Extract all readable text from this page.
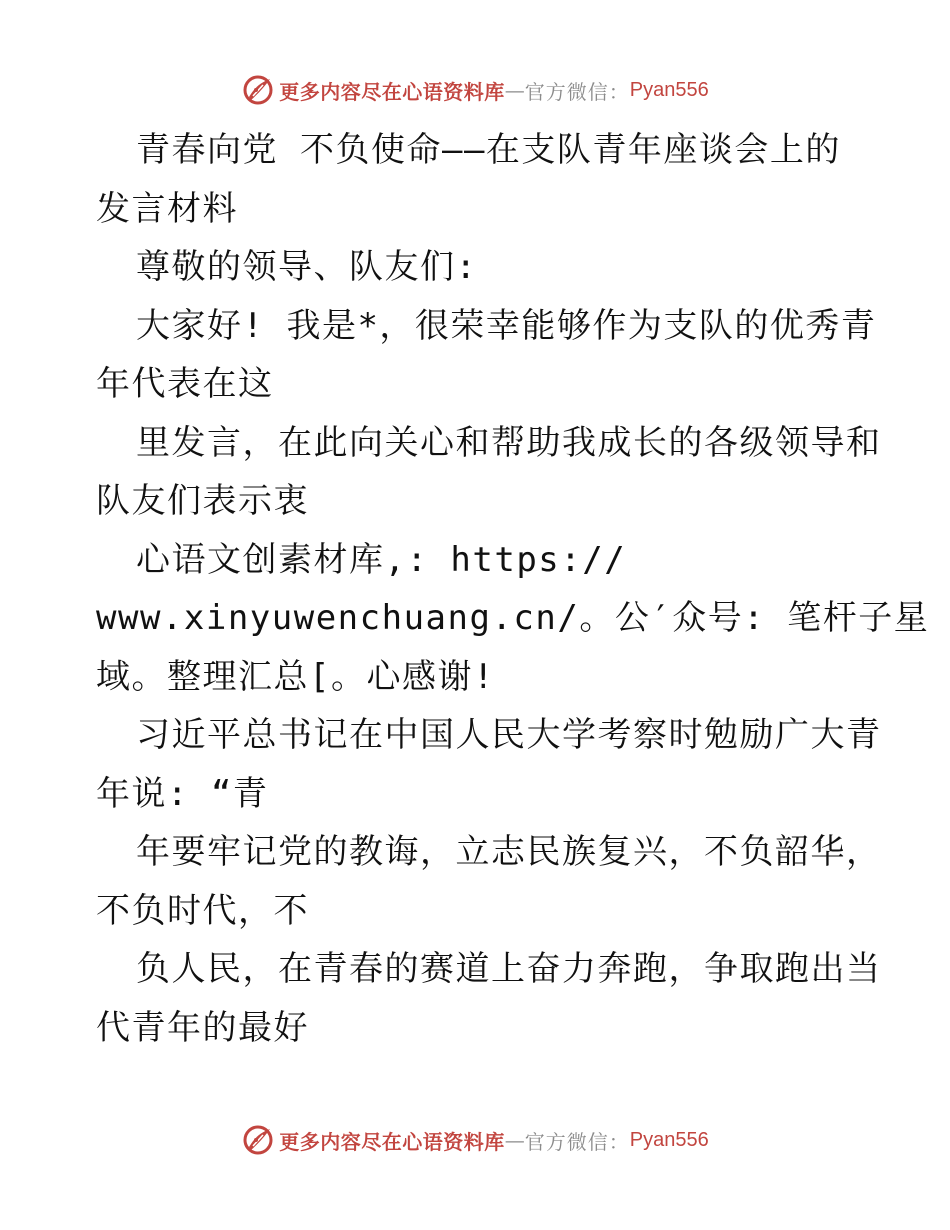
更多内容尽在心语资料库 — 官方微信： Pyan556
青春向党 不负使命——在支队青年座谈会上的
发言材料
尊敬的领导、队友们:
大家好! 我是*，很荣幸能够作为支队的优秀青
年代表在这
里发言，在此向关心和帮助我成长的各级领导和
队友们表示衷
心语文创素材库,: https://
www.xinyuwenchuang.cn/。公′众号: 笔杆子星
域。整理汇总[。心感谢!
习近平总书记在中国人民大学考察时勉励广大青
年说: “青
年要牢记党的教诲，立志民族复兴，不负韶华，
不负时代，不
负人民，在青春的赛道上奋力奔跑，争取跑出当
代青年的最好
更多内容尽在心语资料库 — 官方微信： Pyan556
